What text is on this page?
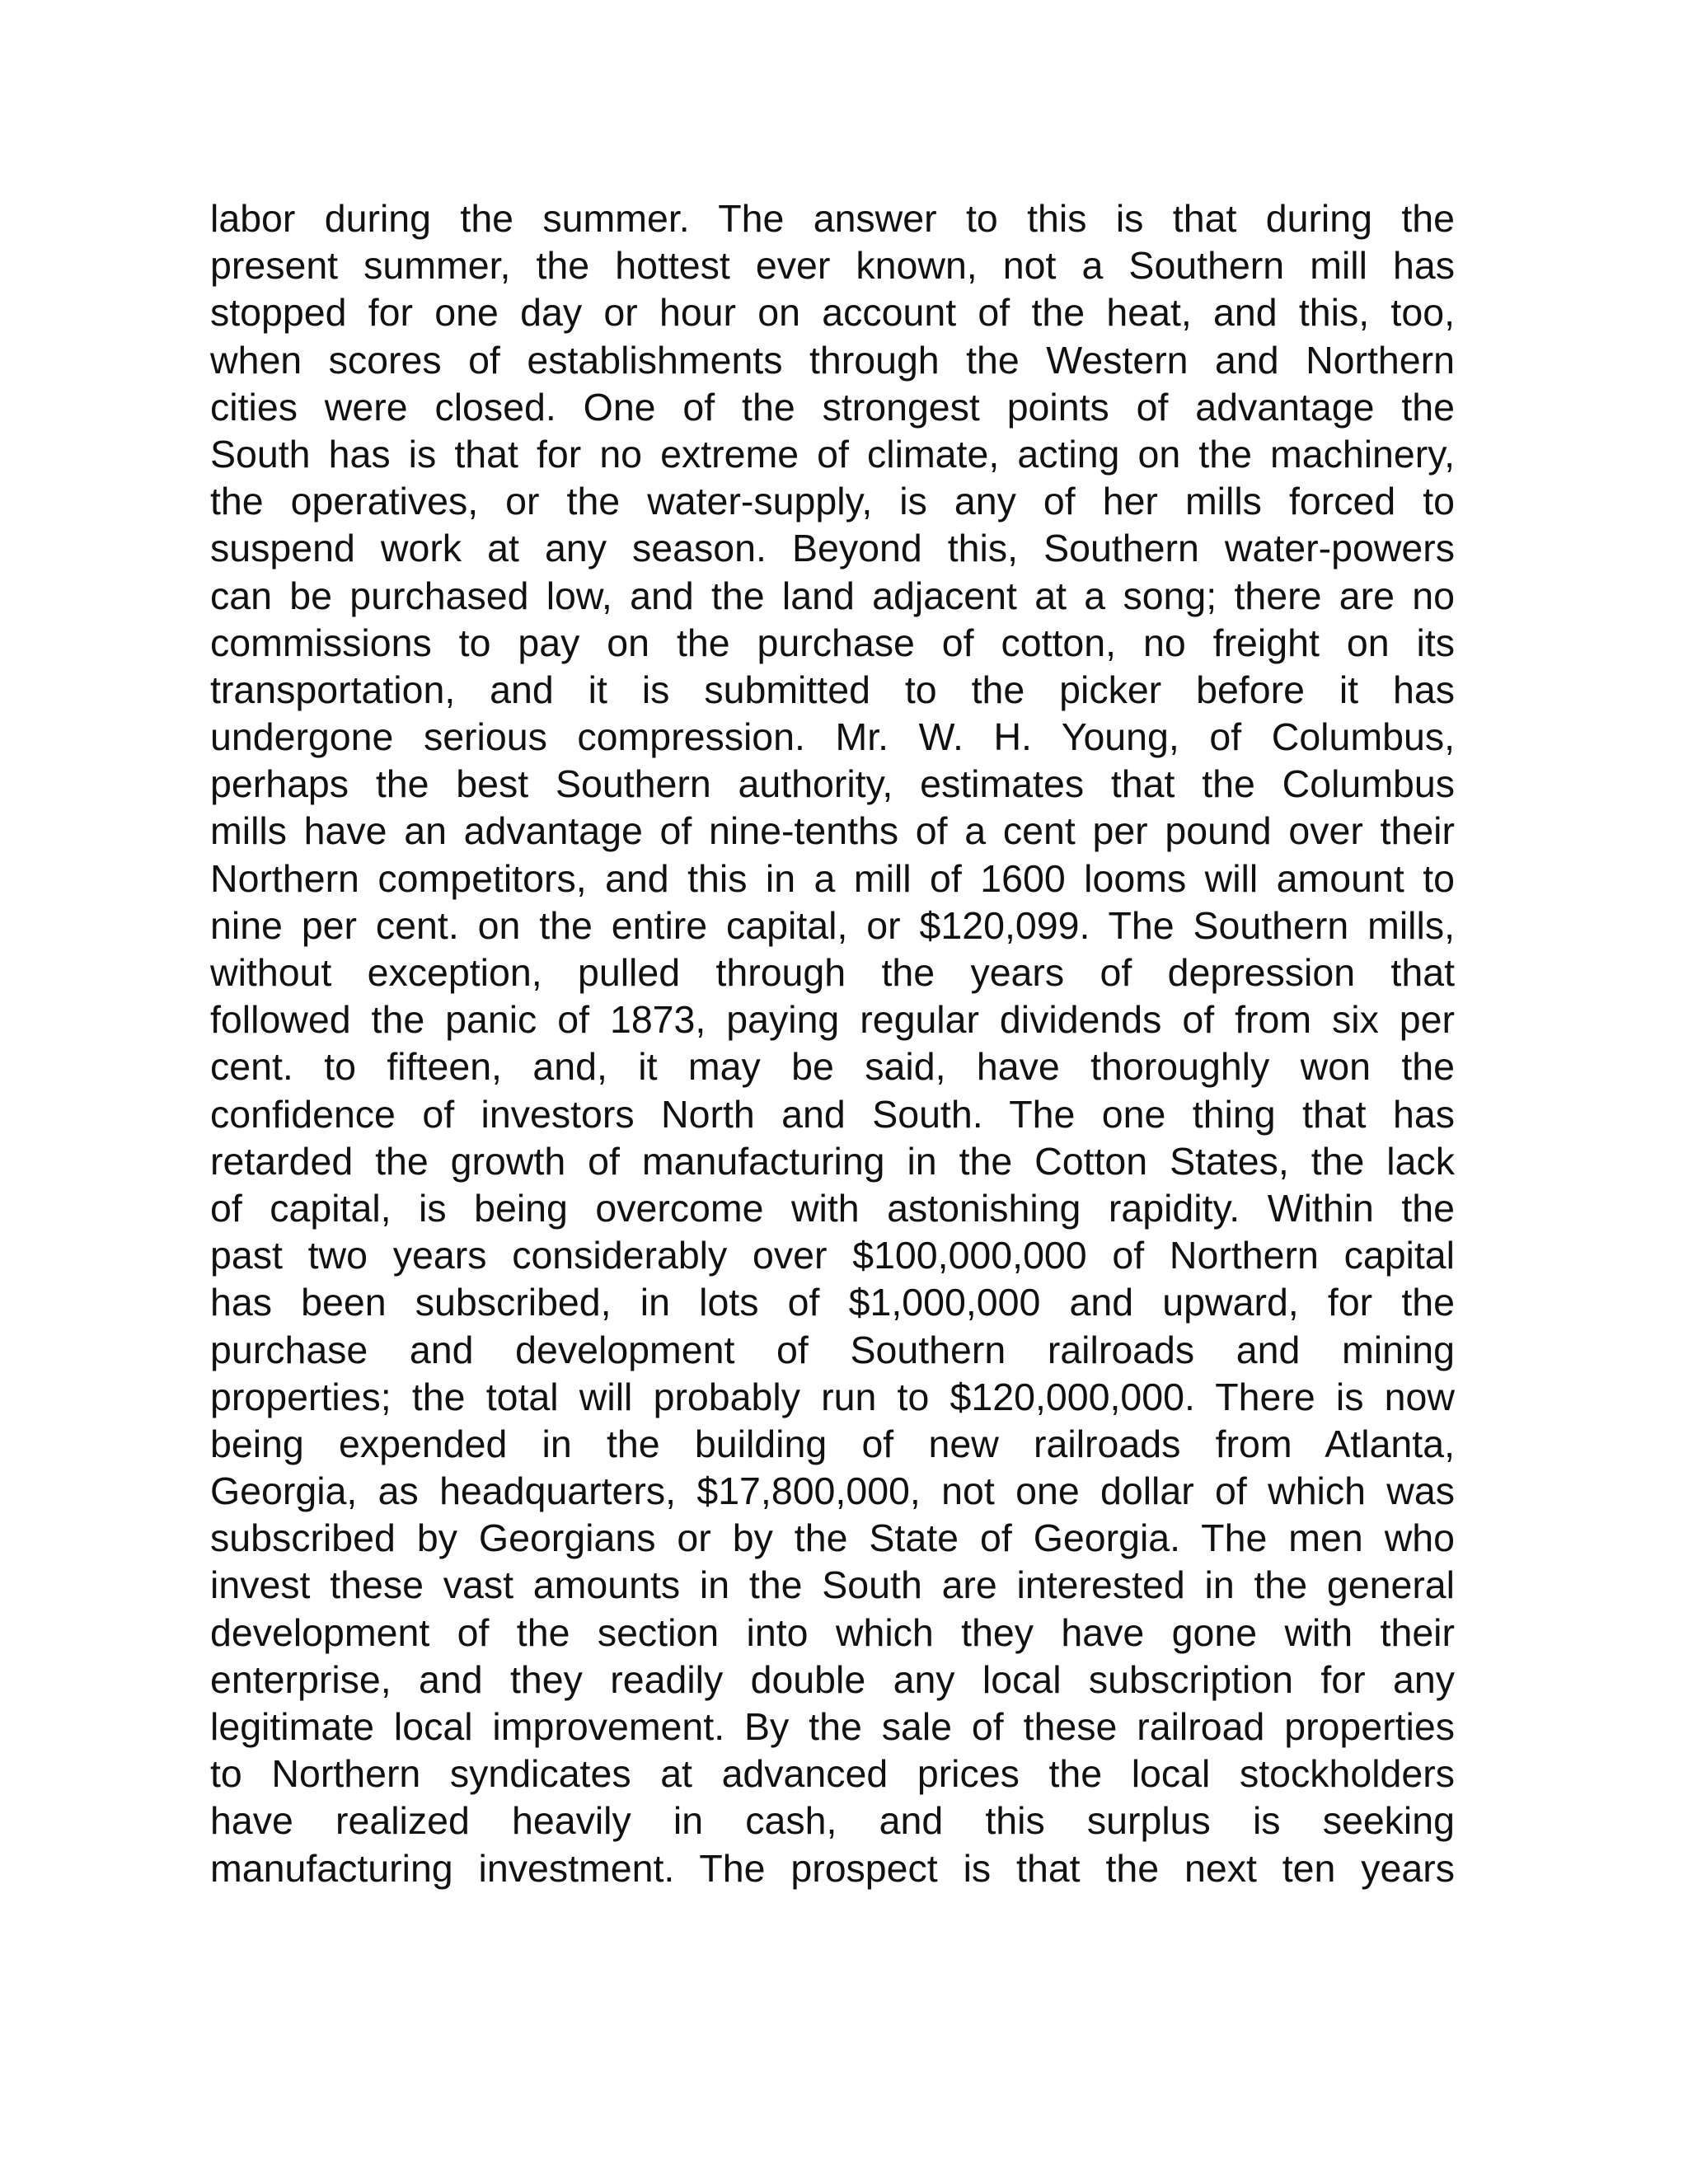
labor during the summer. The answer to this is that during the
present summer, the hottest ever known, not a Southern mill has
stopped for one day or hour on account of the heat, and this, too,
when scores of establishments through the Western and Northern
cities were closed. One of the strongest points of advantage the
South has is that for no extreme of climate, acting on the machinery,
the operatives, or the water-supply, is any of her mills forced to
suspend work at any season. Beyond this, Southern water-powers
can be purchased low, and the land adjacent at a song; there are no
commissions to pay on the purchase of cotton, no freight on its
transportation, and it is submitted to the picker before it has
undergone serious compression. Mr. W. H. Young, of Columbus,
perhaps the best Southern authority, estimates that the Columbus
mills have an advantage of nine-tenths of a cent per pound over their
Northern competitors, and this in a mill of 1600 looms will amount to
nine per cent. on the entire capital, or $120,099. The Southern mills,
without exception, pulled through the years of depression that
followed the panic of 1873, paying regular dividends of from six per
cent. to fifteen, and, it may be said, have thoroughly won the
confidence of investors North and South. The one thing that has
retarded the growth of manufacturing in the Cotton States, the lack
of capital, is being overcome with astonishing rapidity. Within the
past two years considerably over $100,000,000 of Northern capital
has been subscribed, in lots of $1,000,000 and upward, for the
purchase and development of Southern railroads and mining
properties; the total will probably run to $120,000,000. There is now
being expended in the building of new railroads from Atlanta,
Georgia, as headquarters, $17,800,000, not one dollar of which was
subscribed by Georgians or by the State of Georgia. The men who
invest these vast amounts in the South are interested in the general
development of the section into which they have gone with their
enterprise, and they readily double any local subscription for any
legitimate local improvement. By the sale of these railroad properties
to Northern syndicates at advanced prices the local stockholders
have realized heavily in cash, and this surplus is seeking
manufacturing investment. The prospect is that the next ten years
